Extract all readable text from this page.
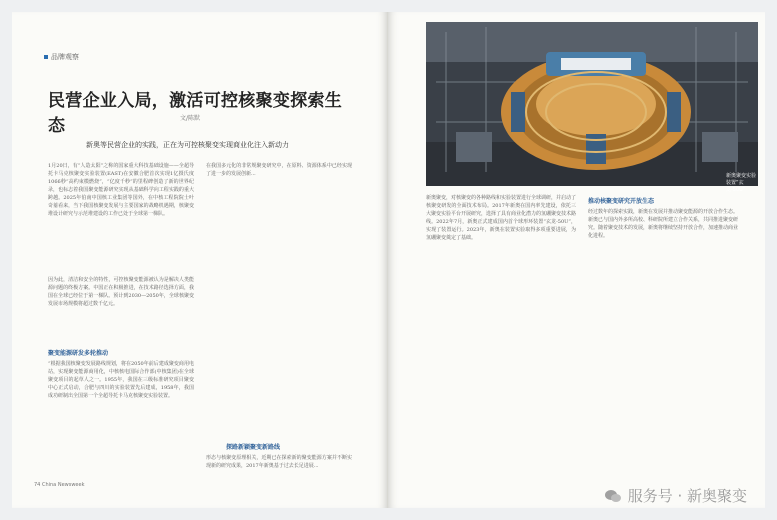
品牌观察
民营企业入局，激活可控核聚变探索生态	文/陈默
新奥等民营企业的实践，正在为可控核聚变实现商业化注入新动力
1月20日，有“人造太阳”之称的国家重大科技基础设施——全超导托卡马克核聚变实验装置(EAST)在安徽合肥首次实现1亿摄氏度1066秒“高约束模燃烧”，“亿度千秒”的里程碑创造了新的世界纪录，也标志着我国聚变能源研究实现从基础科学向工程实践的重大跨越。2025年伯南中国核工业集团等国外，在中核工程院院士叶奇蓁看来，当下我国核聚变发展与主要国家的战略机遇期，核聚变堆设计研究与示范堆建设的工作已处于全球第一梯队。
因为此，清洁和安全的特性，可控核聚变能源被认为是解决人类能源问题的终极方案。中国正在积极推进，在技术路径选择方面，我国在全球已经位于第一梯队。预计到2030—2050年，全球核聚变发展市场规模将超过数千亿元。
聚变能源研发多轮推动
“根据我国核聚变发展路线规划，将在2050年前后建成聚变商用电站，实现聚变能源商用化，中核核电国际合作部(中核集团)在全球聚变项目的起草人之一。1955年，我国在三级标准研究项目聚变中心正式启动，合肥与四川的实验装置先后建成，1958年，我国成功研制出全国第一个全超导托卡马克核聚变实验装置。
在我国多元化的非常规聚变研究中，在原料、资源体系中已经实现了进一步的发展创新...
探路新颖聚变新路线
形态与核聚变原理相关，近期已在探索新的聚变能源方案并不断实现新的研究成果，2017年新奥基于过去长足进展...
74 China Newsweek
新奥聚变实验装置“玄龙-50U”
新奥聚变，对核聚变的各种路线和实验装置进行全球调研，并启动了核聚变研发的全面技术布局。2017年新奥在国内率先建设，依托三大聚变实验平台开展研究，选择了具有商业化潜力的氢硼聚变技术路线。2022年7月，新奥正式建成国内首个球形环装置“玄龙-50U”，实现了装置运行。2023年，新奥在装置实验取得多项重要进展，为氢硼聚变奠定了基础。
推动核聚变研究开放生态
经过数年的探索实践，新奥在发展并推动聚变能源的开放合作生态。新奥已与国内外多所高校、科研院所建立合作关系，共同推进聚变研究。随着聚变技术的发展，新奥将继续坚持开放合作，加速推动商业化进程。
服务号 · 新奥聚变
